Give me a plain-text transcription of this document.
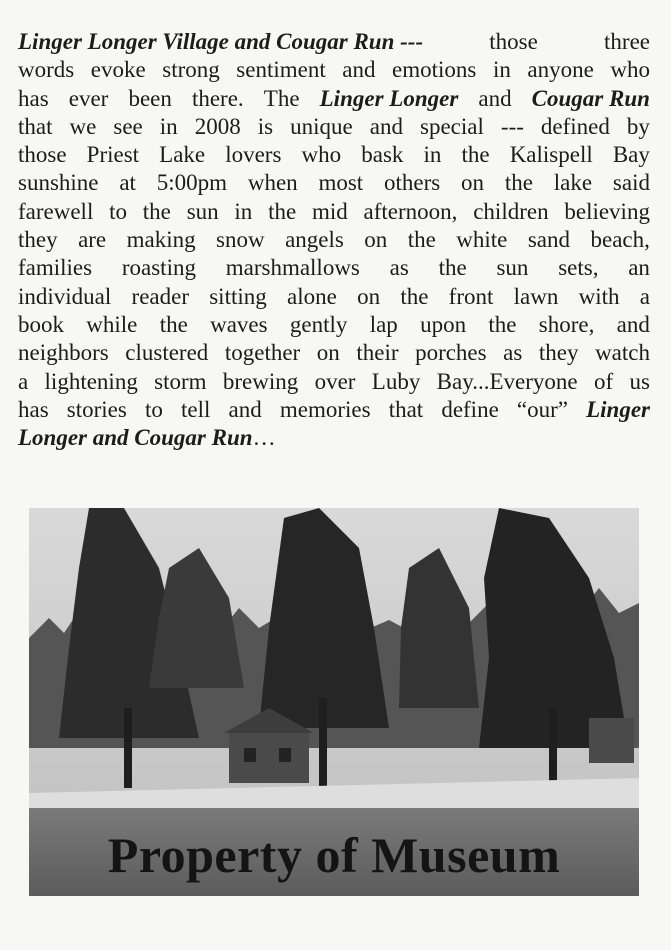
Linger Longer Village and Cougar Run ---	those	three
words evoke strong sentiment and emotions in anyone who
has ever been there. The Linger Longer and Cougar Run
that we see in 2008 is unique and special --- defined by
those Priest Lake lovers who bask in the Kalispell Bay
sunshine at 5:00pm when most others on the lake said
farewell to the sun in the mid afternoon, children believing
they are making snow angels on the white sand beach,
families roasting marshmallows as the sun sets, an
individual reader sitting alone on the front lawn with a
book while the waves gently lap upon the shore, and
neighbors clustered together on their porches as they watch
a lightening storm brewing over Luby Bay...Everyone of us
has stories to tell and memories that define “our” Linger
Longer and Cougar Run …
Property of Museum
